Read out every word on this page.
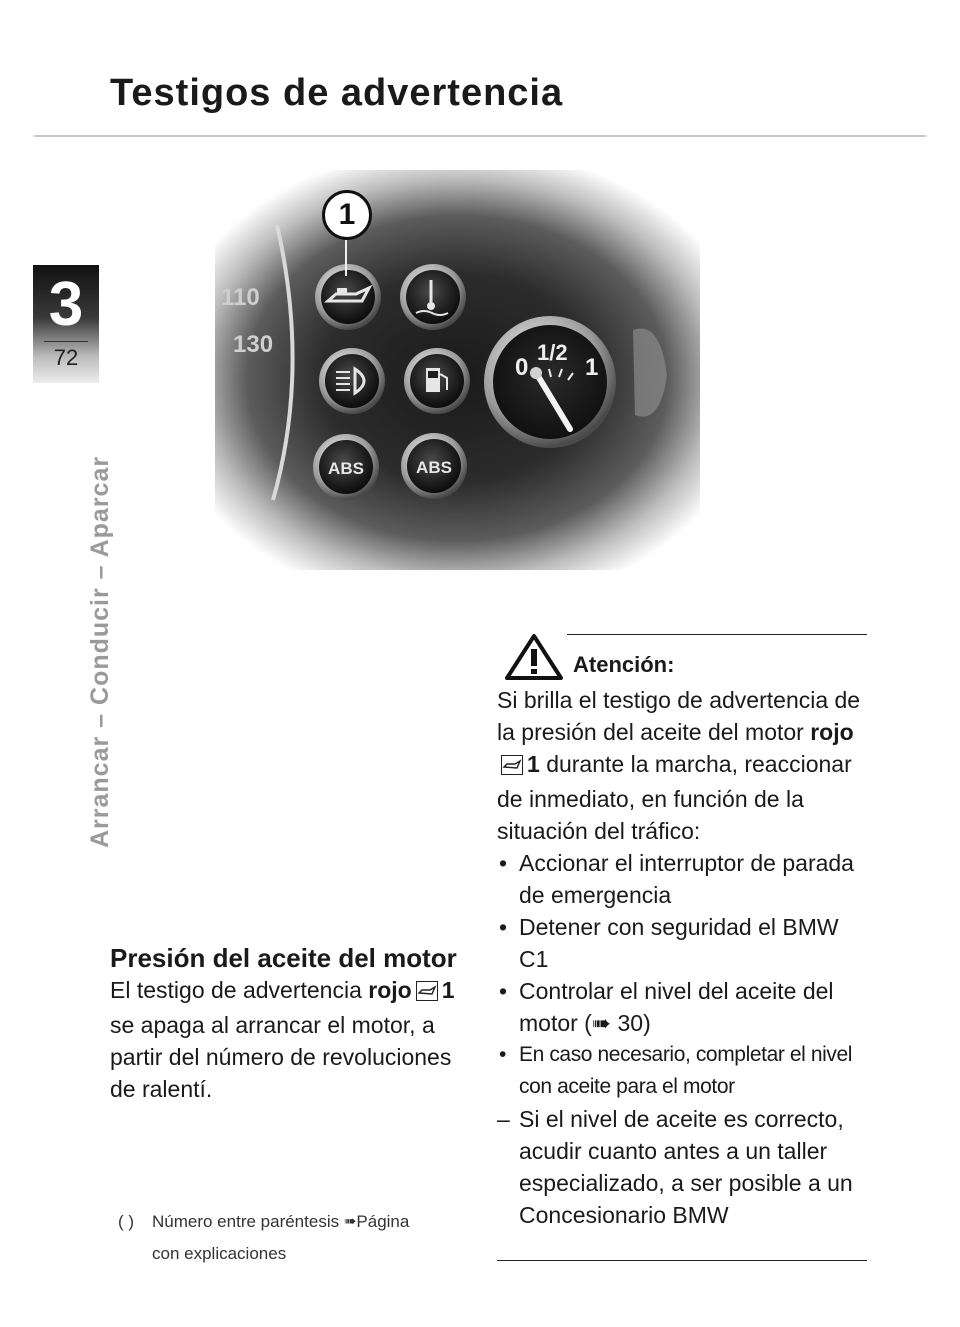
Testigos de advertencia
3
72
Arrancar – Conducir – Aparcar
110
130
ABS	ABS
0
1/2
1
1
Presión del aceite del motor

El testigo de advertencia rojo 1 se apaga al arrancar el motor, a partir del número de revoluciones de ralentí.

( ) Número entre paréntesis ➠Página
con explicaciones
Atención:

Si brilla el testigo de advertencia de la presión del aceite del motor rojo1 durante la marcha, reaccionar de inmediato, en función de la situación del tráfico:

• Accionar el interruptor de parada de emergencia
• Detener con seguridad el BMW C1
• Controlar el nivel del aceite del motor (➠ 30)
• En caso necesario, completar el nivel con aceite para el motor

– Si el nivel de aceite es correcto, acudir cuanto antes a un taller especializado, a ser posible a un Concesionario BMW
